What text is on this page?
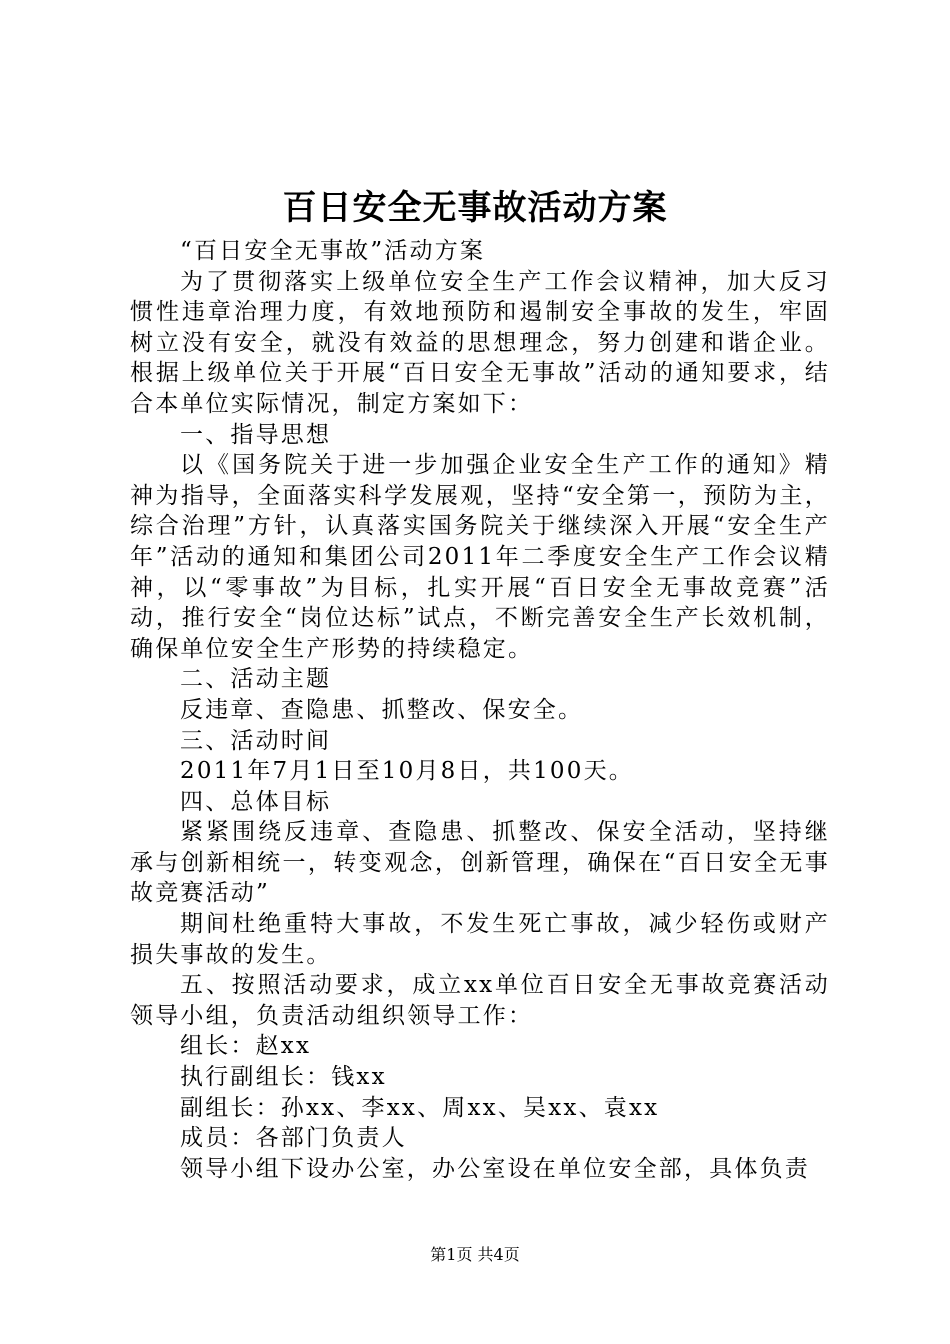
百日安全无事故活动方案

“百日安全无事故”活动方案

为了贯彻落实上级单位安全生产工作会议精神，加大反习惯性违章治理力度，有效地预防和遏制安全事故的发生，牢固树立没有安全，就没有效益的思想理念，努力创建和谐企业。根据上级单位关于开展“百日安全无事故”活动的通知要求，结合本单位实际情况，制定方案如下：

一、指导思想

以《国务院关于进一步加强企业安全生产工作的通知》精神为指导，全面落实科学发展观，坚持“安全第一，预防为主，综合治理”方针，认真落实国务院关于继续深入开展“安全生产年”活动的通知和集团公司2011年二季度安全生产工作会议精神，以“零事故”为目标，扎实开展“百日安全无事故竞赛”活动，推行安全“岗位达标”试点，不断完善安全生产长效机制，确保单位安全生产形势的持续稳定。

二、活动主题

反违章、查隐患、抓整改、保安全。

三、活动时间

2011年7月1日至10月8日，共100天。

四、总体目标

紧紧围绕反违章、查隐患、抓整改、保安全活动，坚持继承与创新相统一，转变观念，创新管理，确保在“百日安全无事故竞赛活动”

期间杜绝重特大事故，不发生死亡事故，减少轻伤或财产损失事故的发生。

五、按照活动要求，成立xx单位百日安全无事故竞赛活动领导小组，负责活动组织领导工作：

组长：赵xx

执行副组长：钱xx

副组长：孙xx、李xx、周xx、吴xx、袁xx

成员：各部门负责人

领导小组下设办公室，办公室设在单位安全部，具体负责

第1页 共4页
